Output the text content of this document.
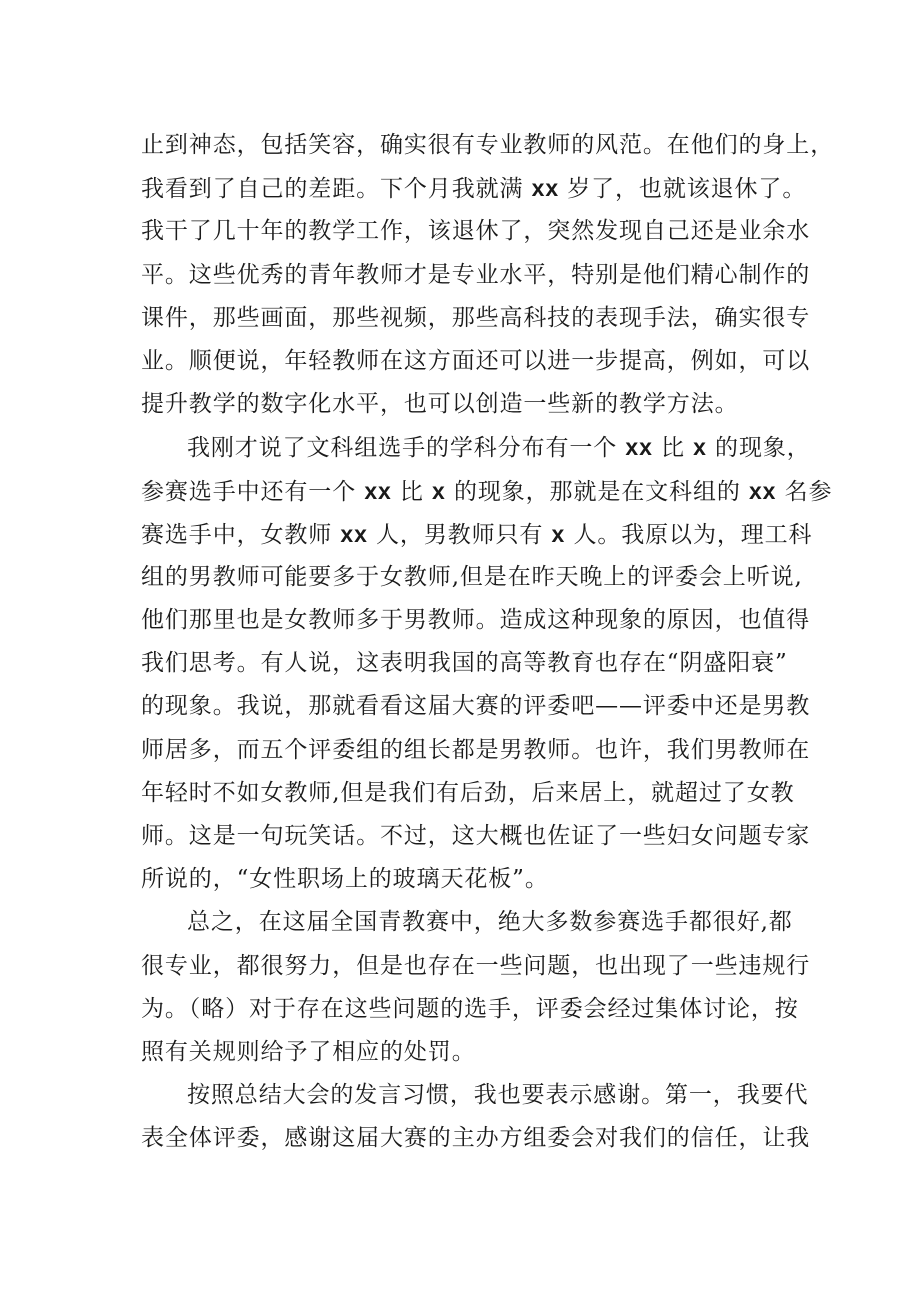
止到神态，包括笑容，确实很有专业教师的风范。在他们的身上，
我看到了自己的差距。下个月我就满 xx 岁了，也就该退休了。
我干了几十年的教学工作，该退休了，突然发现自己还是业余水
平。这些优秀的青年教师才是专业水平，特别是他们精心制作的
课件，那些画面，那些视频，那些高科技的表现手法，确实很专
业。顺便说，年轻教师在这方面还可以进一步提高，例如，可以
提升教学的数字化水平，也可以创造一些新的教学方法。
我刚才说了文科组选手的学科分布有一个 xx 比 x 的现象，
参赛选手中还有一个 xx 比 x 的现象，那就是在文科组的 xx 名参
赛选手中，女教师 xx 人，男教师只有 x 人。我原以为，理工科
组的男教师可能要多于女教师,但是在昨天晚上的评委会上听说,
他们那里也是女教师多于男教师。造成这种现象的原因，也值得
我们思考。有人说，这表明我国的高等教育也存在“阴盛阳衰”
的现象。我说，那就看看这届大赛的评委吧——评委中还是男教
师居多，而五个评委组的组长都是男教师。也许，我们男教师在
年轻时不如女教师,但是我们有后劲，后来居上，就超过了女教
师。这是一句玩笑话。不过，这大概也佐证了一些妇女问题专家
所说的，“女性职场上的玻璃天花板”。
总之，在这届全国青教赛中，绝大多数参赛选手都很好,都
很专业，都很努力，但是也存在一些问题，也出现了一些违规行
为。（略）对于存在这些问题的选手，评委会经过集体讨论，按
照有关规则给予了相应的处罚。
按照总结大会的发言习惯，我也要表示感谢。第一，我要代
表全体评委，感谢这届大赛的主办方组委会对我们的信任，让我
